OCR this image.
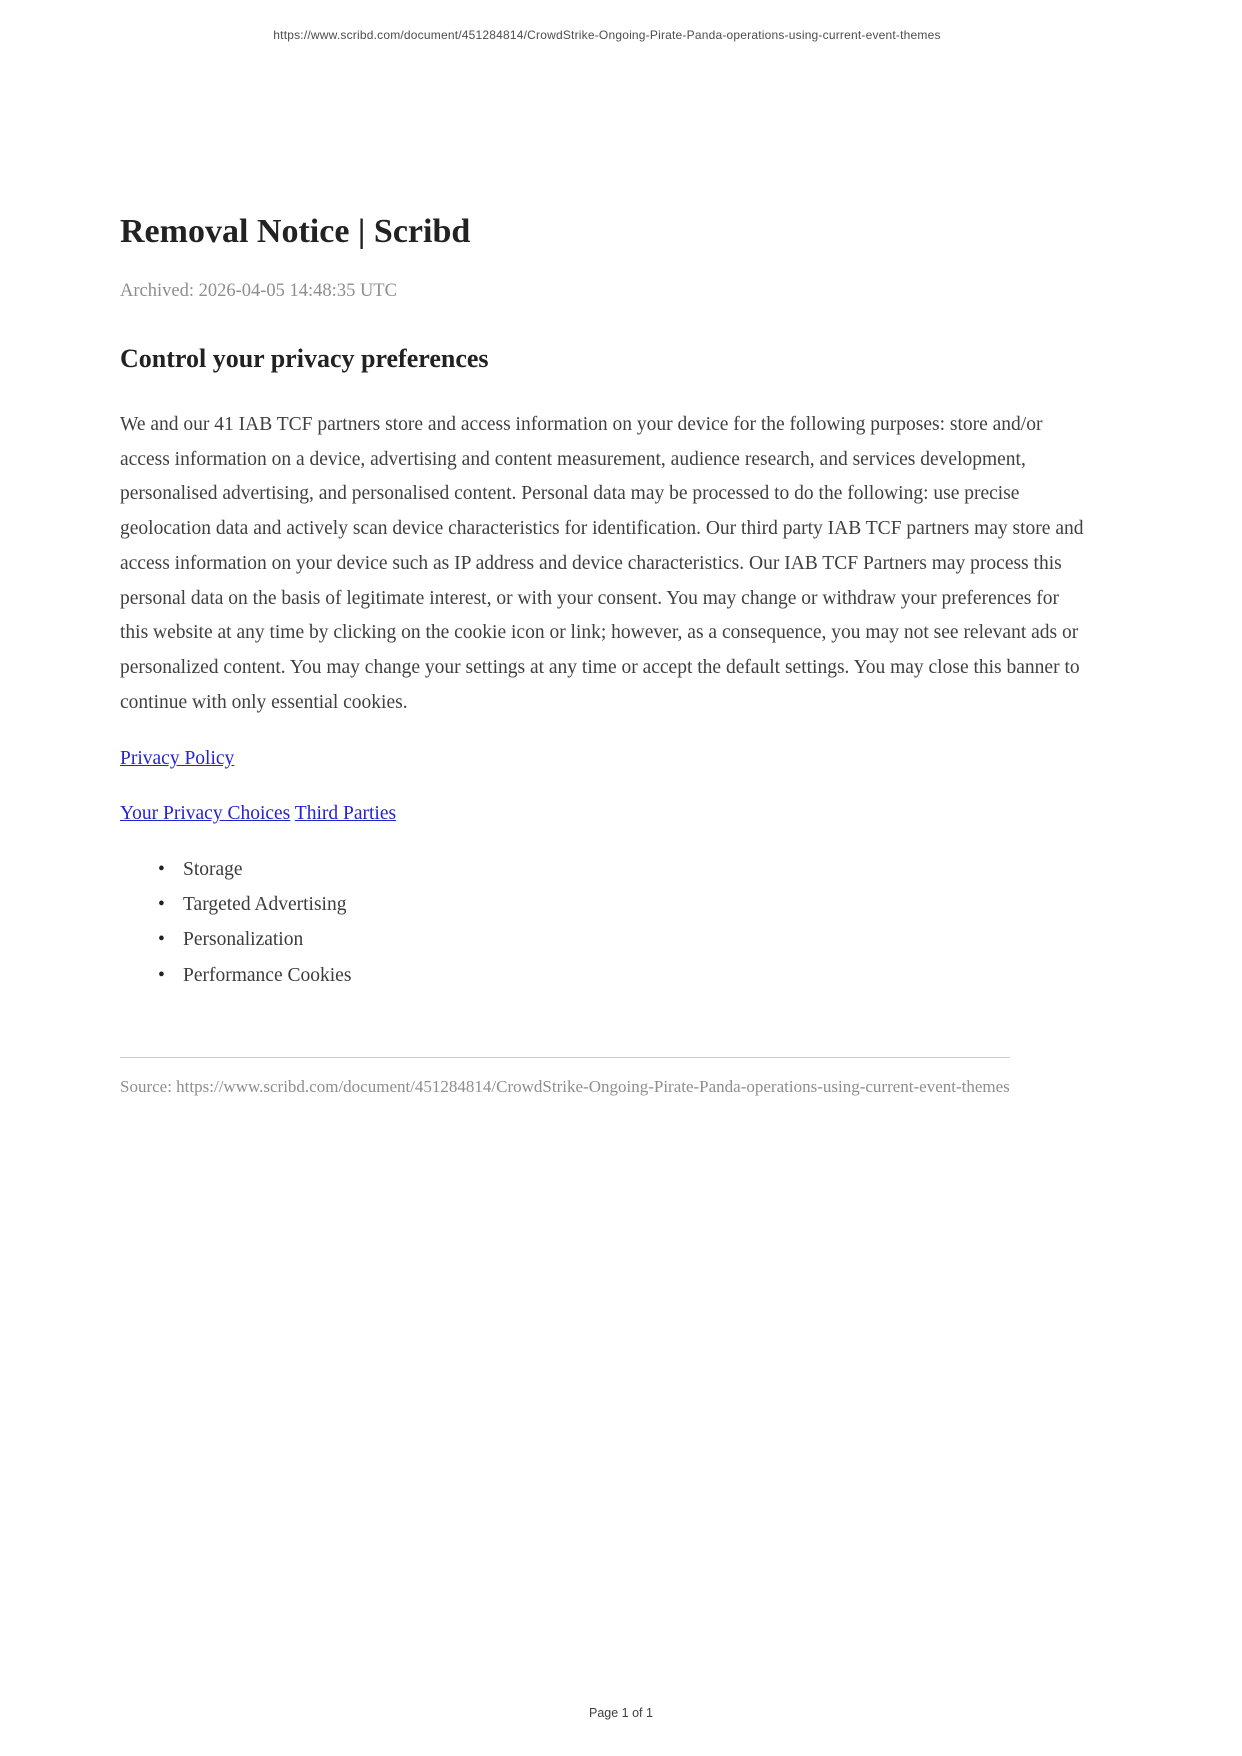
https://www.scribd.com/document/451284814/CrowdStrike-Ongoing-Pirate-Panda-operations-using-current-event-themes
Removal Notice | Scribd
Archived: 2026-04-05 14:48:35 UTC
Control your privacy preferences

We and our 41 IAB TCF partners store and access information on your device for the following purposes: store and/or access information on a device, advertising and content measurement, audience research, and services development, personalised advertising, and personalised content. Personal data may be processed to do the following: use precise geolocation data and actively scan device characteristics for identification. Our third party IAB TCF partners may store and access information on your device such as IP address and device characteristics. Our IAB TCF Partners may process this personal data on the basis of legitimate interest, or with your consent. You may change or withdraw your preferences for this website at any time by clicking on the cookie icon or link; however, as a consequence, you may not see relevant ads or personalized content. You may change your settings at any time or accept the default settings. You may close this banner to continue with only essential cookies.

Privacy Policy
Your Privacy Choices Third Parties
• Storage
• Targeted Advertising
• Personalization
• Performance Cookies
Source: https://www.scribd.com/document/451284814/CrowdStrike-Ongoing-Pirate-Panda-operations-using-current-event-themes
Page 1 of 1
